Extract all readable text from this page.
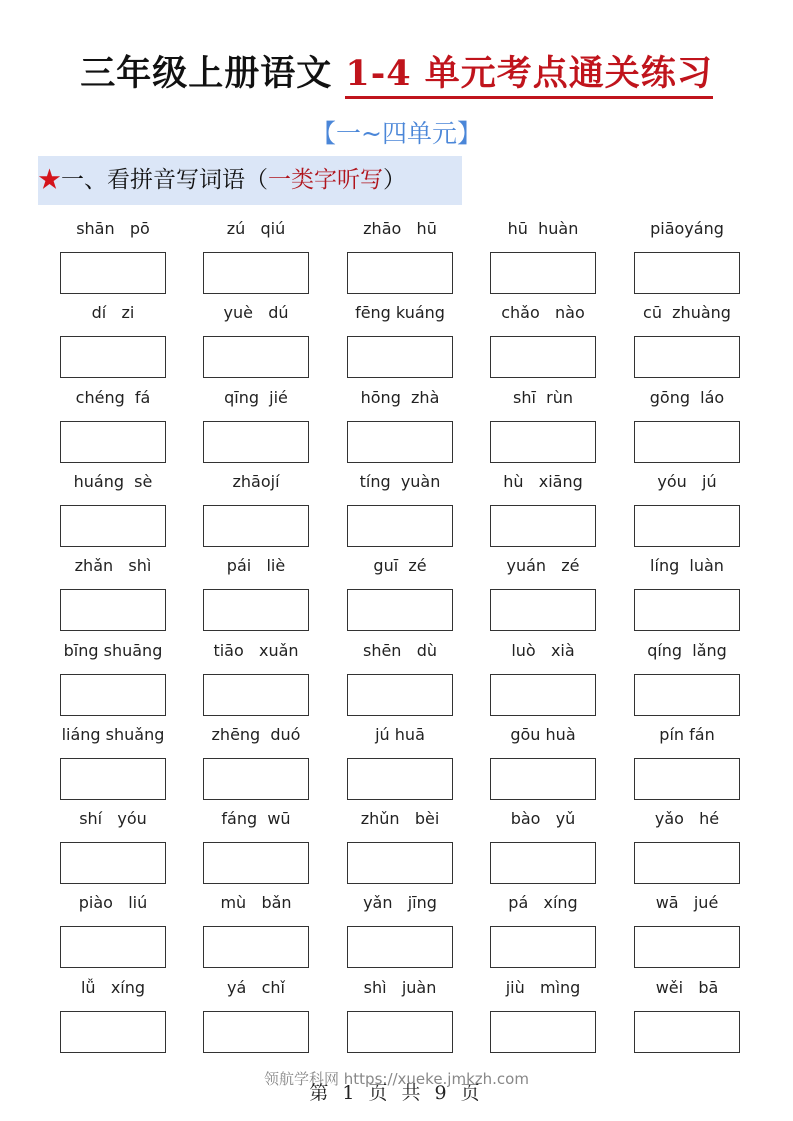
三年级上册语文 1-4 单元考点通关练习
【一~四单元】
★一、看拼音写词语（一类字听写）
shān   pō	zú   qiú	zhāo   hū	hū  huàn	piāoyáng
dí   zi	yuè   dú	fēng kuáng	chǎo   nào	cū  zhuàng
chéng  fá	qīng  jié	hōng  zhà	shī  rùn	gōng  láo
huáng  sè	zhāojí	tíng  yuàn	hù   xiāng	yóu   jú
zhǎn   shì	pái   liè	guī  zé	yuán   zé	líng  luàn
bīng shuāng	tiāo   xuǎn	shēn   dù	luò   xià	qíng  lǎng
liáng shuǎng	zhēng  duó	jú huā	gōu huà	pín fán
shí   yóu	fáng  wū	zhǔn   bèi	bào   yǔ	yǎo   hé
piào   liú	mù   bǎn	yǎn   jīng	pá   xíng	wā   jué
lǚ   xíng	yá   chǐ	shì   juàn	jiù   mìng	wěi   bā
领航学科网 https://xueke.jmkzh.com
第 1 页 共 9 页
